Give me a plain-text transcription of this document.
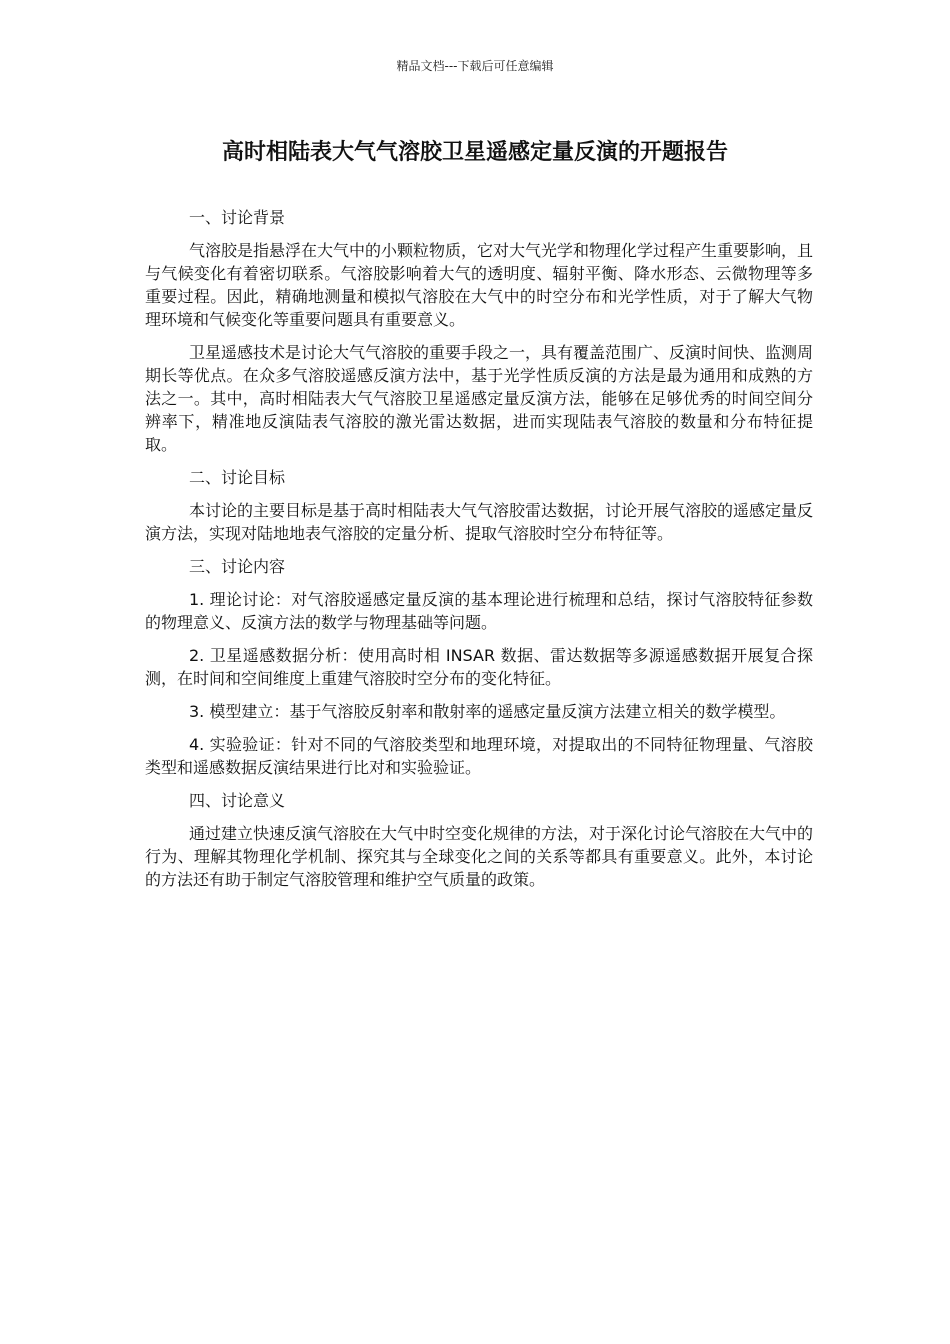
精品文档---下载后可任意编辑
高时相陆表大气气溶胶卫星遥感定量反演的开题报告

一、讨论背景

气溶胶是指悬浮在大气中的小颗粒物质，它对大气光学和物理化学过程产生重要影响，且与气候变化有着密切联系。气溶胶影响着大气的透明度、辐射平衡、降水形态、云微物理等多重要过程。因此，精确地测量和模拟气溶胶在大气中的时空分布和光学性质，对于了解大气物理环境和气候变化等重要问题具有重要意义。

卫星遥感技术是讨论大气气溶胶的重要手段之一，具有覆盖范围广、反演时间快、监测周期长等优点。在众多气溶胶遥感反演方法中，基于光学性质反演的方法是最为通用和成熟的方法之一。其中，高时相陆表大气气溶胶卫星遥感定量反演方法，能够在足够优秀的时间空间分辨率下，精准地反演陆表气溶胶的激光雷达数据，进而实现陆表气溶胶的数量和分布特征提取。

二、讨论目标

本讨论的主要目标是基于高时相陆表大气气溶胶雷达数据，讨论开展气溶胶的遥感定量反演方法，实现对陆地地表气溶胶的定量分析、提取气溶胶时空分布特征等。

三、讨论内容

1. 理论讨论：对气溶胶遥感定量反演的基本理论进行梳理和总结，探讨气溶胶特征参数的物理意义、反演方法的数学与物理基础等问题。

2. 卫星遥感数据分析：使用高时相 INSAR 数据、雷达数据等多源遥感数据开展复合探测，在时间和空间维度上重建气溶胶时空分布的变化特征。

3. 模型建立：基于气溶胶反射率和散射率的遥感定量反演方法建立相关的数学模型。

4. 实验验证：针对不同的气溶胶类型和地理环境，对提取出的不同特征物理量、气溶胶类型和遥感数据反演结果进行比对和实验验证。

四、讨论意义

通过建立快速反演气溶胶在大气中时空变化规律的方法，对于深化讨论气溶胶在大气中的行为、理解其物理化学机制、探究其与全球变化之间的关系等都具有重要意义。此外，本讨论的方法还有助于制定气溶胶管理和维护空气质量的政策。
